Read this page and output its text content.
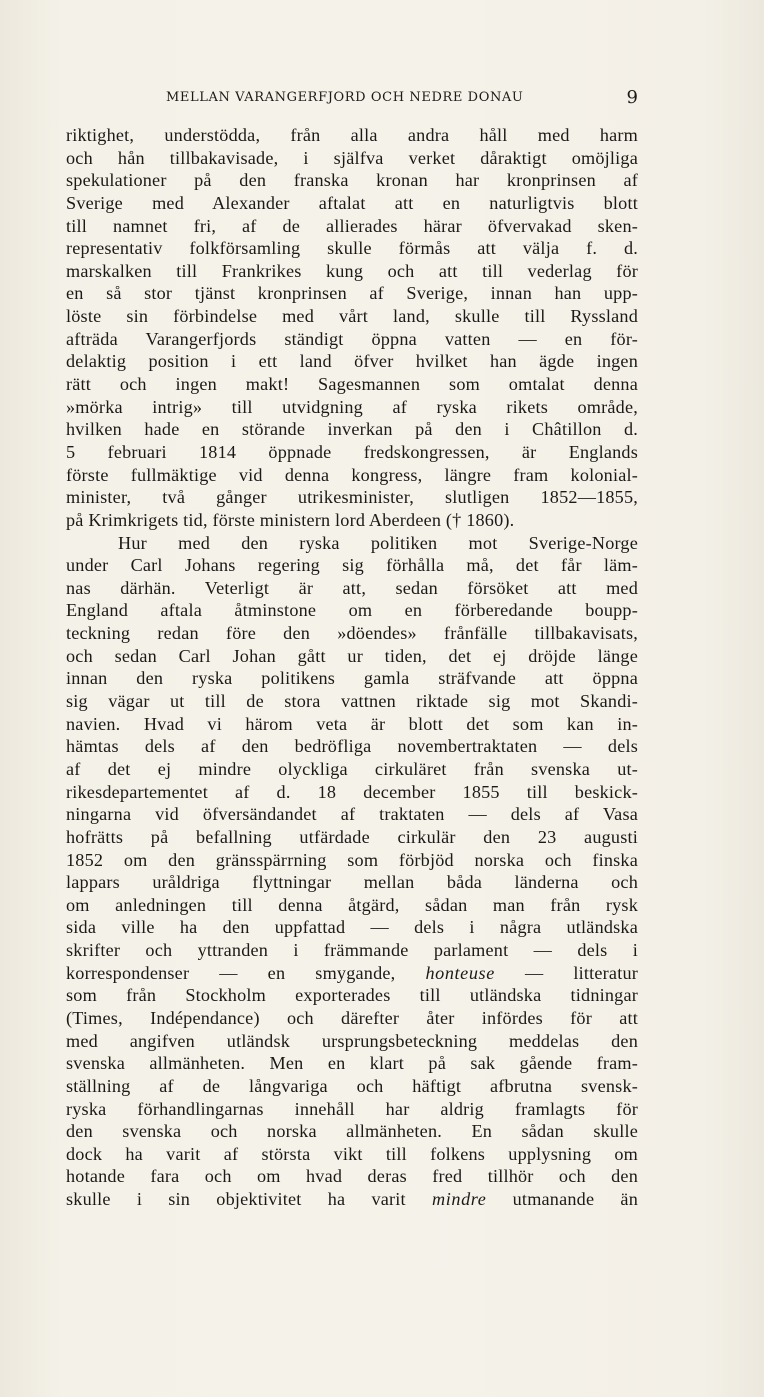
MELLAN VARANGERFJORD OCH NEDRE DONAU	9
riktighet, understödda, från alla andra håll med harm
och hån tillbakavisade, i själfva verket dåraktigt omöjliga
spekulationer på den franska kronan har kronprinsen af
Sverige med Alexander aftalat att en naturligtvis blott
till namnet fri, af de allierades härar öfvervakad sken-
representativ folkförsamling skulle förmås att välja f. d.
marskalken till Frankrikes kung och att till vederlag för
en så stor tjänst kronprinsen af Sverige, innan han upp-
löste sin förbindelse med vårt land, skulle till Ryssland
afträda Varangerfjords ständigt öppna vatten — en för-
delaktig position i ett land öfver hvilket han ägde ingen
rätt och ingen makt! Sagesmannen som omtalat denna
»mörka intrig» till utvidgning af ryska rikets område,
hvilken hade en störande inverkan på den i Châtillon d.
5 februari 1814 öppnade fredskongressen, är Englands
förste fullmäktige vid denna kongress, längre fram kolonial-
minister, två gånger utrikesminister, slutligen 1852—1855,
på Krimkrigets tid, förste ministern lord Aberdeen († 1860).
Hur med den ryska politiken mot Sverige-Norge
under Carl Johans regering sig förhålla må, det får läm-
nas därhän. Veterligt är att, sedan försöket att med
England aftala åtminstone om en förberedande boupp-
teckning redan före den »döendes» frånfälle tillbakavisats,
och sedan Carl Johan gått ur tiden, det ej dröjde länge
innan den ryska politikens gamla sträfvande att öppna
sig vägar ut till de stora vattnen riktade sig mot Skandi-
navien. Hvad vi härom veta är blott det som kan in-
hämtas dels af den bedröfliga novembertraktaten — dels
af det ej mindre olyckliga cirkuläret från svenska ut-
rikesdepartementet af d. 18 december 1855 till beskick-
ningarna vid öfversändandet af traktaten — dels af Vasa
hofrätts på befallning utfärdade cirkulär den 23 augusti
1852 om den gränsspärrning som förbjöd norska och finska
lappars uråldriga flyttningar mellan båda länderna och
om anledningen till denna åtgärd, sådan man från rysk
sida ville ha den uppfattad — dels i några utländska
skrifter och yttranden i främmande parlament — dels i
korrespondenser — en smygande, honteuse — litteratur
som från Stockholm exporterades till utländska tidningar
(Times, Indépendance) och därefter åter infördes för att
med angifven utländsk ursprungsbeteckning meddelas den
svenska allmänheten. Men en klart på sak gående fram-
ställning af de långvariga och häftigt afbrutna svensk-
ryska förhandlingarnas innehåll har aldrig framlagts för
den svenska och norska allmänheten. En sådan skulle
dock ha varit af största vikt till folkens upplysning om
hotande fara och om hvad deras fred tillhör och den
skulle i sin objektivitet ha varit mindre utmanande än
